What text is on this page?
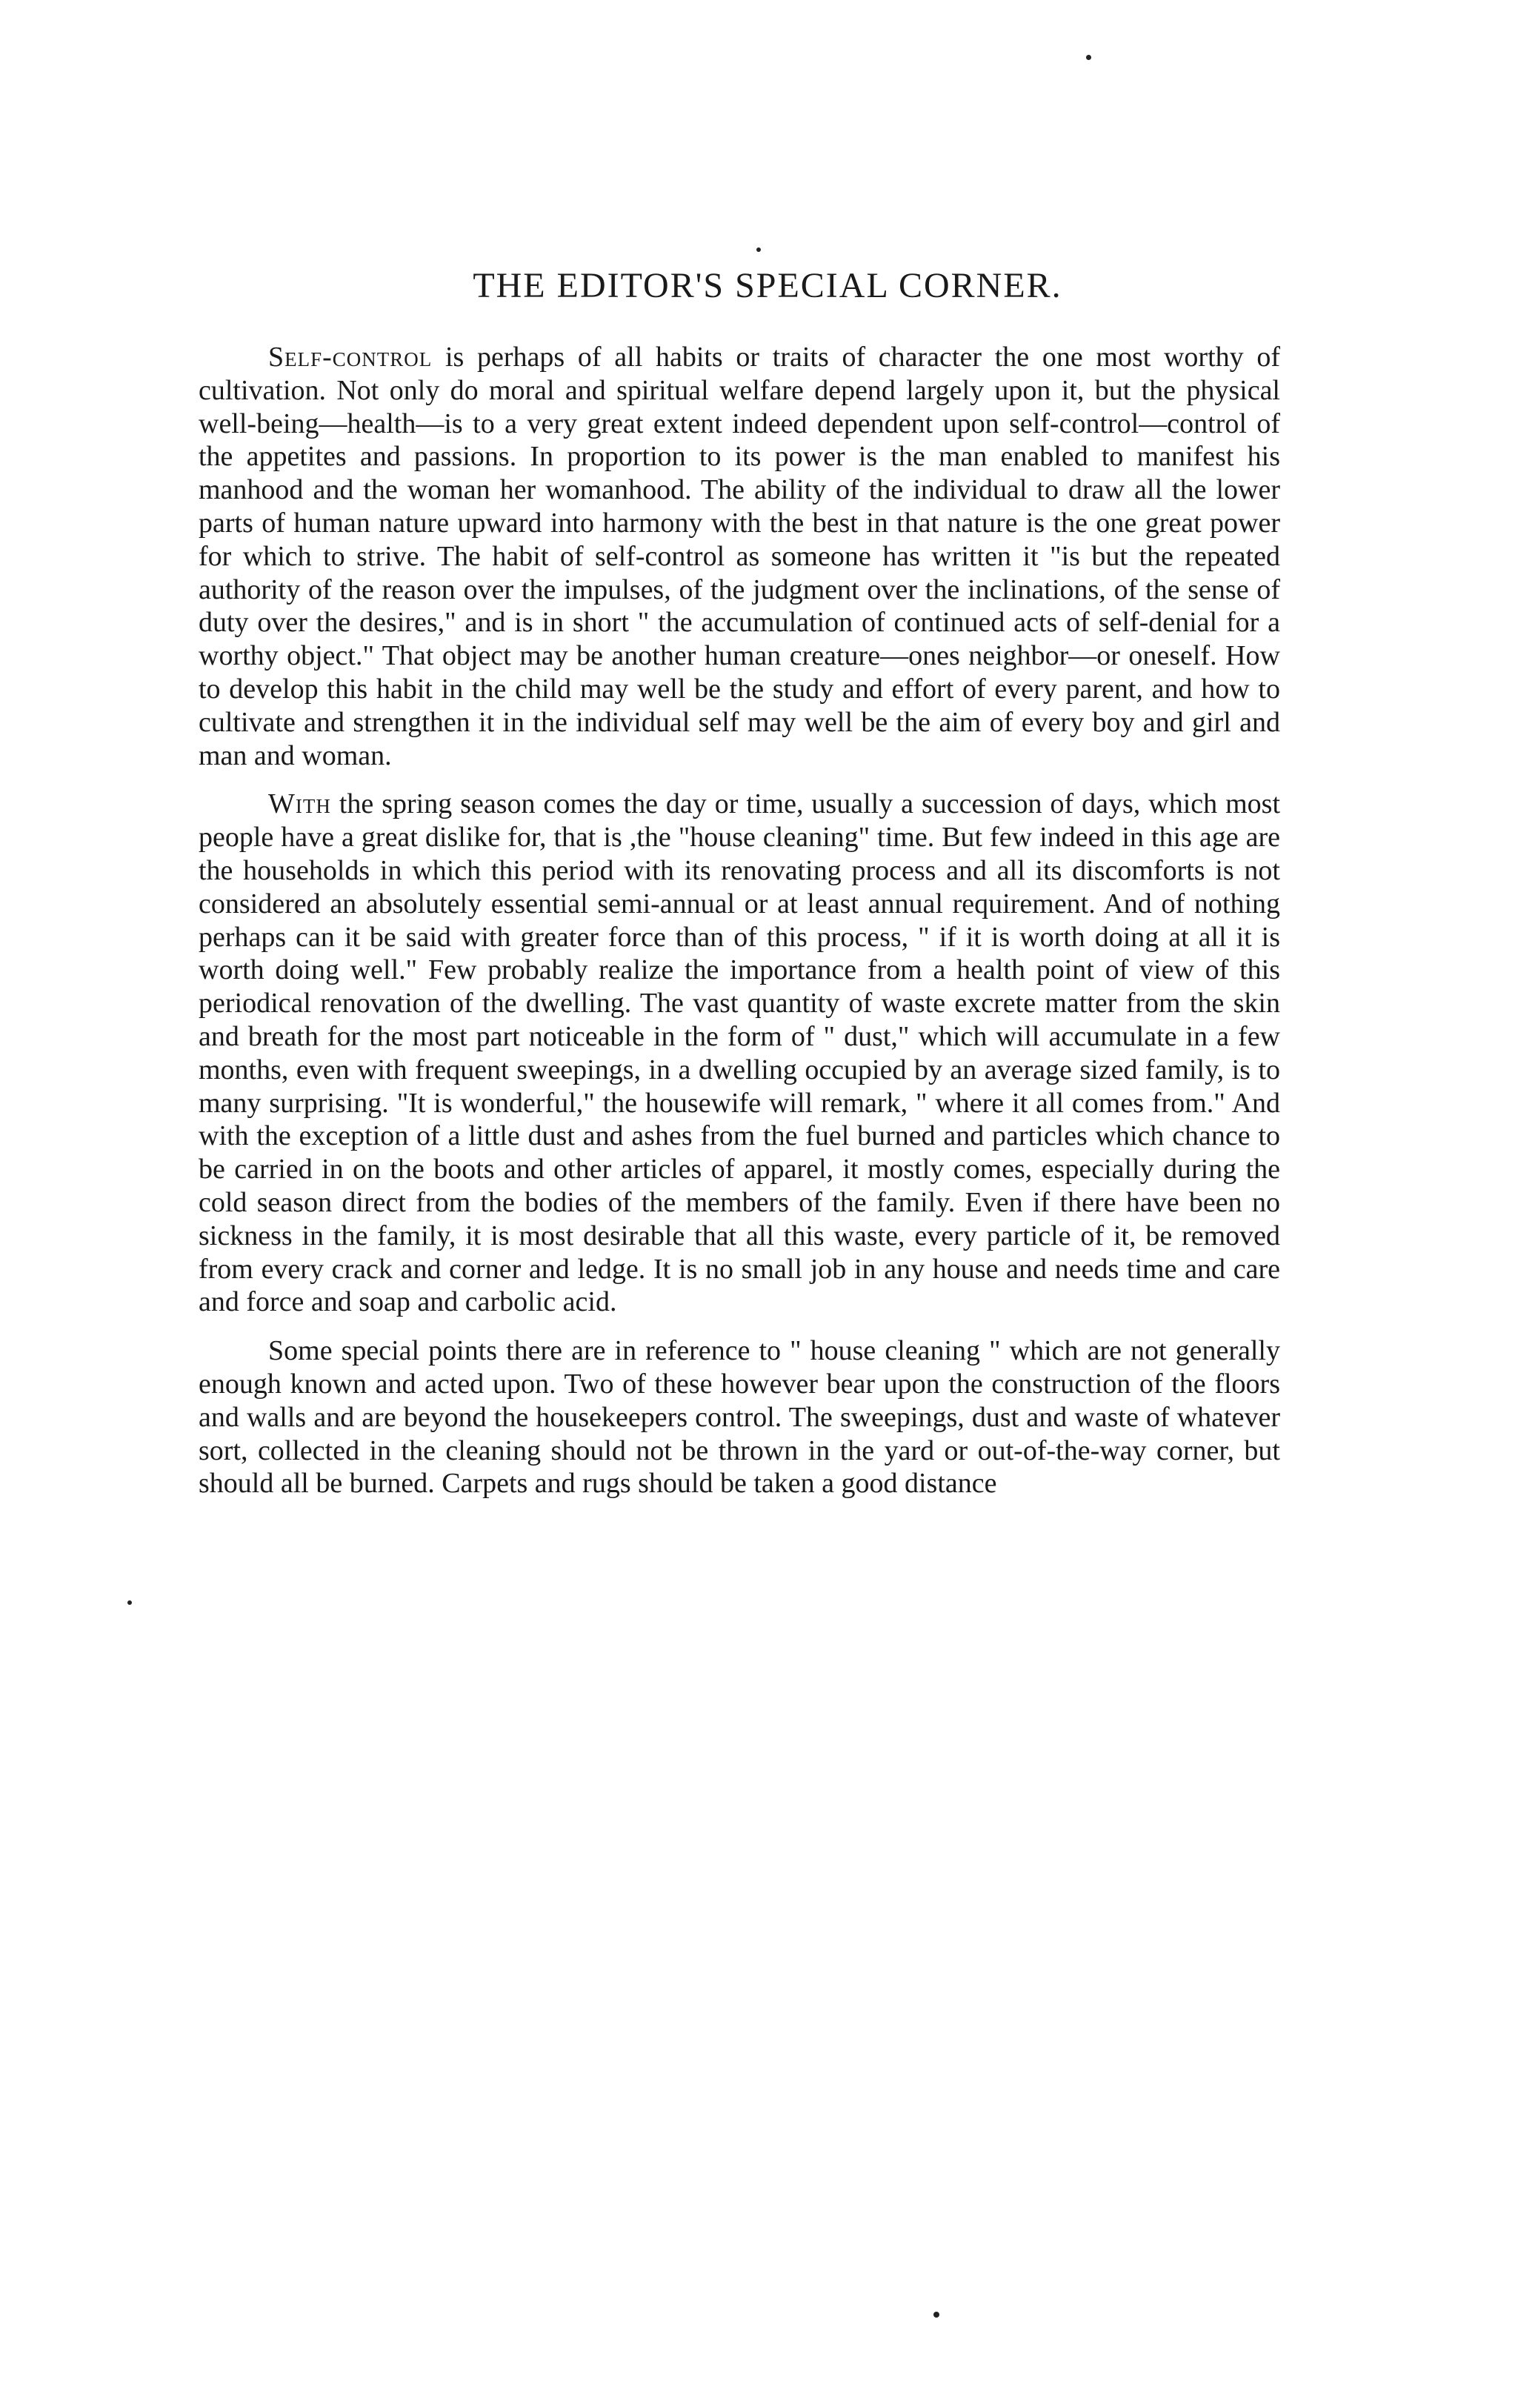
THE EDITOR'S SPECIAL CORNER.

Self-control is perhaps of all habits or traits of character the one most worthy of cultivation. Not only do moral and spiritual welfare depend largely upon it, but the physical well-being—health—is to a very great extent indeed dependent upon self-control—control of the appetites and passions. In proportion to its power is the man enabled to manifest his manhood and the woman her womanhood. The ability of the individual to draw all the lower parts of human nature upward into harmony with the best in that nature is the one great power for which to strive. The habit of self-control as someone has written it "is but the repeated authority of the reason over the impulses, of the judgment over the inclinations, of the sense of duty over the desires," and is in short " the accumulation of continued acts of self-denial for a worthy object." That object may be another human creature—ones neighbor—or oneself. How to develop this habit in the child may well be the study and effort of every parent, and how to cultivate and strengthen it in the individual self may well be the aim of every boy and girl and man and woman.

With the spring season comes the day or time, usually a succession of days, which most people have a great dislike for, that is ,the "house cleaning" time. But few indeed in this age are the households in which this period with its renovating process and all its discomforts is not considered an absolutely essential semi-annual or at least annual requirement. And of nothing perhaps can it be said with greater force than of this process, " if it is worth doing at all it is worth doing well." Few probably realize the importance from a health point of view of this periodical renovation of the dwelling. The vast quantity of waste excrete matter from the skin and breath for the most part noticeable in the form of " dust," which will accumulate in a few months, even with frequent sweepings, in a dwelling occupied by an average sized family, is to many surprising. "It is wonderful," the housewife will remark, " where it all comes from." And with the exception of a little dust and ashes from the fuel burned and particles which chance to be carried in on the boots and other articles of apparel, it mostly comes, especially during the cold season direct from the bodies of the members of the family. Even if there have been no sickness in the family, it is most desirable that all this waste, every particle of it, be removed from every crack and corner and ledge. It is no small job in any house and needs time and care and force and soap and carbolic acid.

Some special points there are in reference to " house cleaning " which are not generally enough known and acted upon. Two of these however bear upon the construction of the floors and walls and are beyond the housekeepers control. The sweepings, dust and waste of whatever sort, collected in the cleaning should not be thrown in the yard or out-of-the-way corner, but should all be burned. Carpets and rugs should be taken a good distance
